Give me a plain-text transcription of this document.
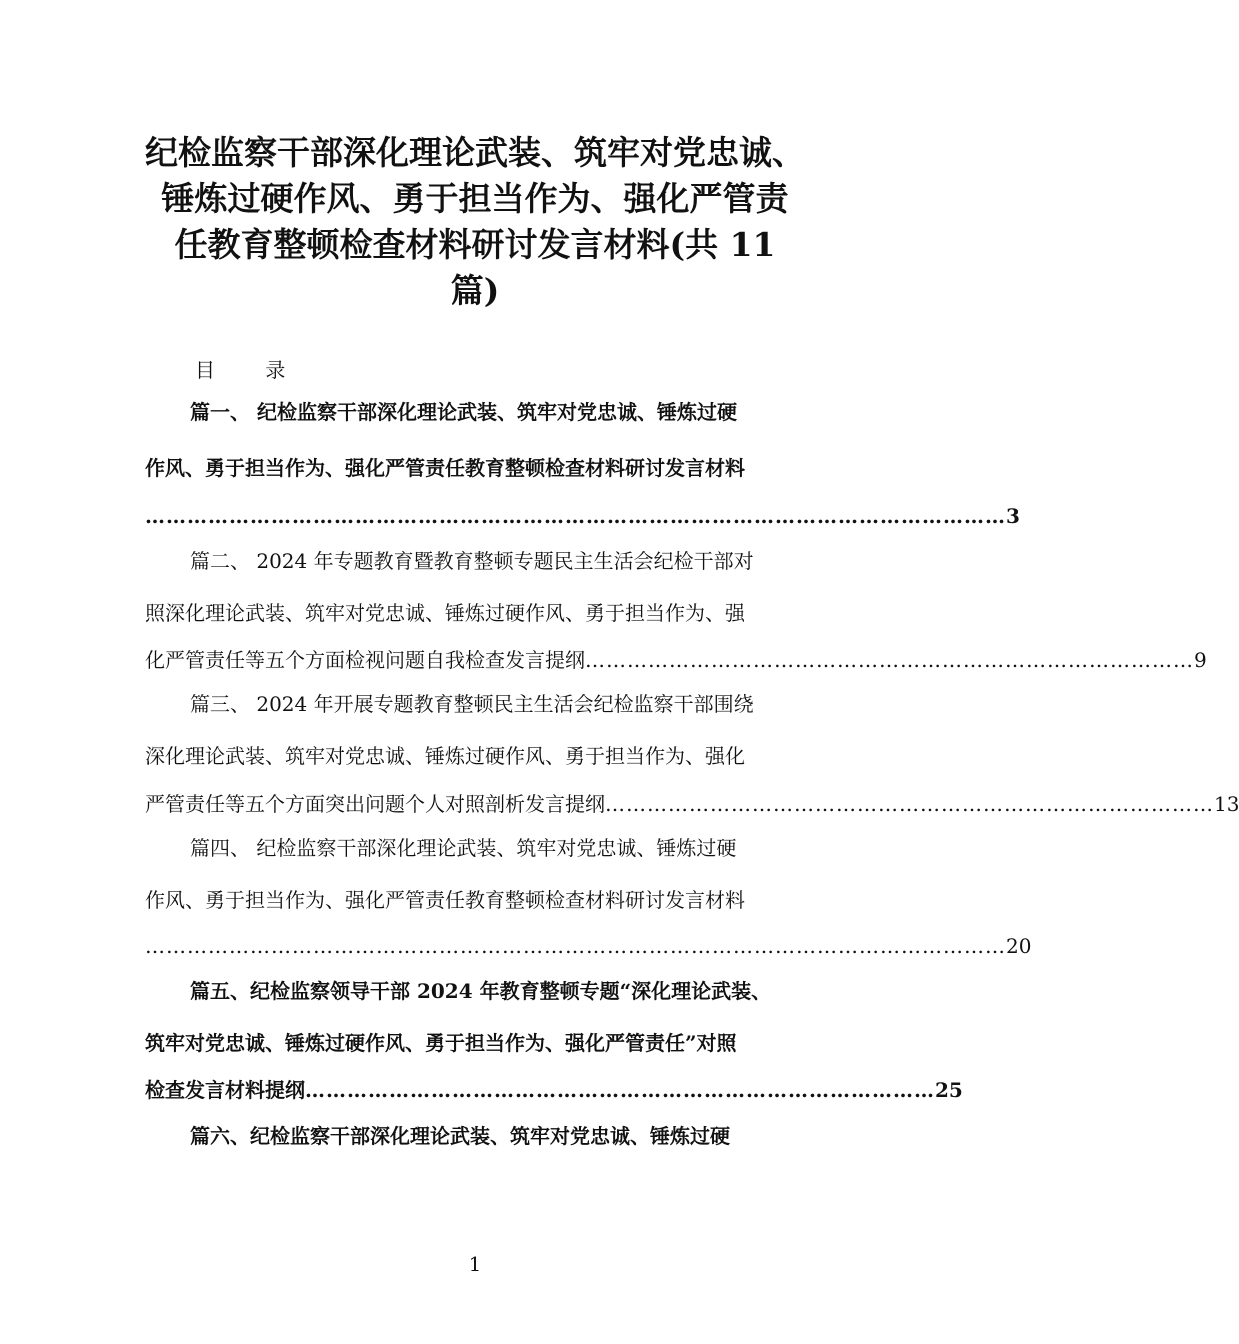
纪检监察干部深化理论武装、筑牢对党忠诚、
锤炼过硬作风、勇于担当作为、强化严管责
任教育整顿检查材料研讨发言材料(共 11
篇)
目 录
篇一、 纪检监察干部深化理论武装、筑牢对党忠诚、锤炼过硬
作风、勇于担当作为、强化严管责任教育整顿检查材料研讨发言材料
…………………………………………………………………………………………………………… 3
篇二、 2024 年专题教育暨教育整顿专题民主生活会纪检干部对
照深化理论武装、筑牢对党忠诚、锤炼过硬作风、勇于担当作为、强
化严管责任等五个方面检视问题自我检查发言提纲 …………………………………………………………………………… 9
篇三、 2024 年开展专题教育整顿民主生活会纪检监察干部围绕
深化理论武装、筑牢对党忠诚、锤炼过硬作风、勇于担当作为、强化
严管责任等五个方面突出问题个人对照剖析发言提纲 …………………………………………………………………………… 13
篇四、 纪检监察干部深化理论武装、筑牢对党忠诚、锤炼过硬
作风、勇于担当作为、强化严管责任教育整顿检查材料研讨发言材料
…………………………………………………………………………………………………………… 20
篇五、纪检监察领导干部 2024 年教育整顿专题“深化理论武装、
筑牢对党忠诚、锤炼过硬作风、勇于担当作为、强化严管责任”对照
检查发言材料提纲 ……………………………………………………………………………… 25
篇六、纪检监察干部深化理论武装、筑牢对党忠诚、锤炼过硬
1
